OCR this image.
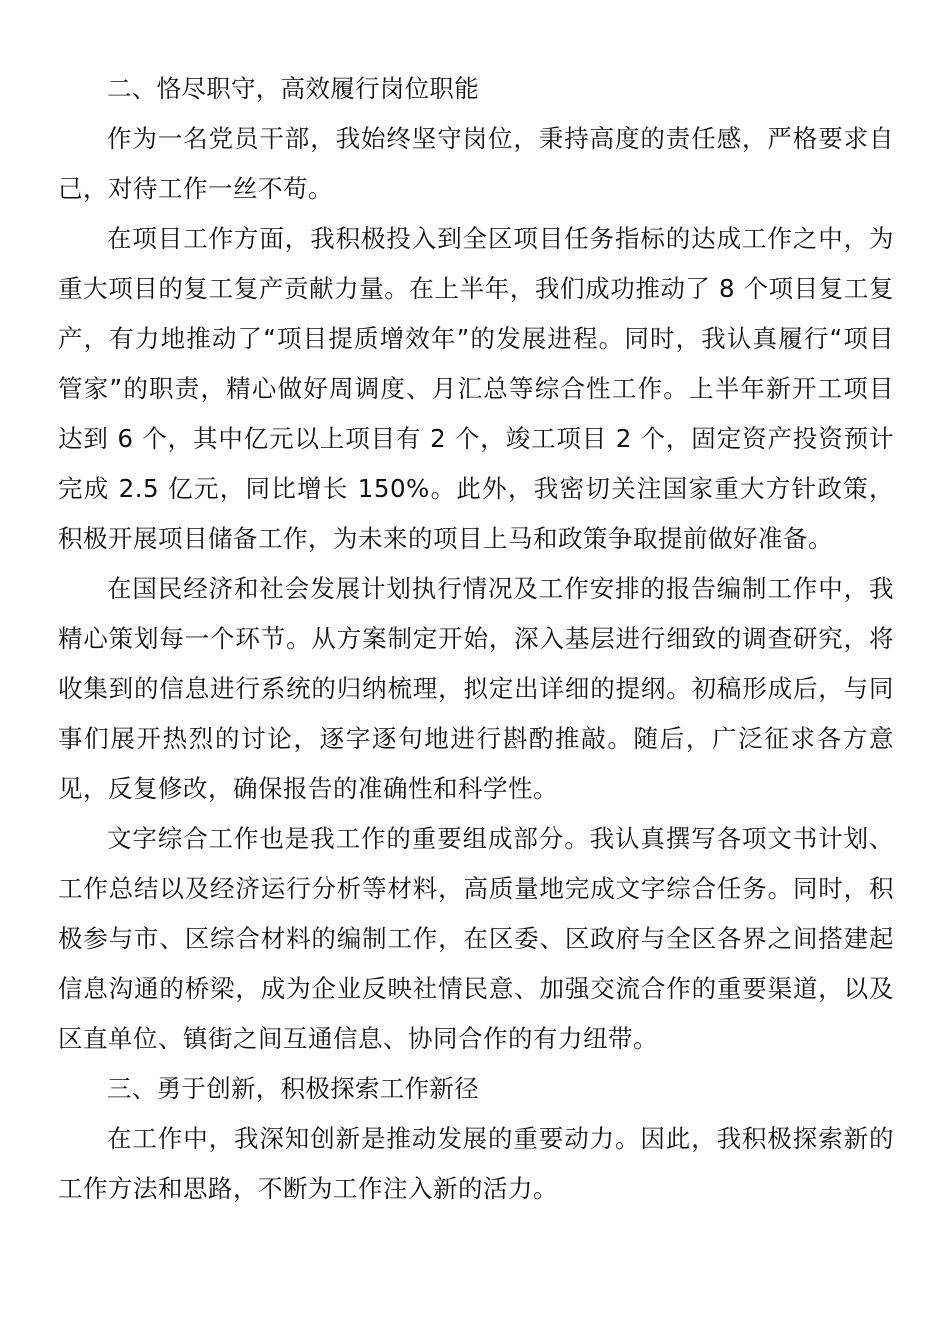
二、恪尽职守，高效履行岗位职能

作为一名党员干部，我始终坚守岗位，秉持高度的责任感，严格要求自己，对待工作一丝不苟。

在项目工作方面，我积极投入到全区项目任务指标的达成工作之中，为重大项目的复工复产贡献力量。在上半年，我们成功推动了 8 个项目复工复产，有力地推动了“项目提质增效年”的发展进程。同时，我认真履行“项目管家”的职责，精心做好周调度、月汇总等综合性工作。上半年新开工项目达到 6 个，其中亿元以上项目有 2 个，竣工项目 2 个，固定资产投资预计完成 2.5 亿元，同比增长 150%。此外，我密切关注国家重大方针政策，积极开展项目储备工作，为未来的项目上马和政策争取提前做好准备。

在国民经济和社会发展计划执行情况及工作安排的报告编制工作中，我精心策划每一个环节。从方案制定开始，深入基层进行细致的调查研究，将收集到的信息进行系统的归纳梳理，拟定出详细的提纲。初稿形成后，与同事们展开热烈的讨论，逐字逐句地进行斟酌推敲。随后，广泛征求各方意见，反复修改，确保报告的准确性和科学性。

文字综合工作也是我工作的重要组成部分。我认真撰写各项文书计划、工作总结以及经济运行分析等材料，高质量地完成文字综合任务。同时，积极参与市、区综合材料的编制工作，在区委、区政府与全区各界之间搭建起信息沟通的桥梁，成为企业反映社情民意、加强交流合作的重要渠道，以及区直单位、镇街之间互通信息、协同合作的有力纽带。

三、勇于创新，积极探索工作新径

在工作中，我深知创新是推动发展的重要动力。因此，我积极探索新的工作方法和思路，不断为工作注入新的活力。
